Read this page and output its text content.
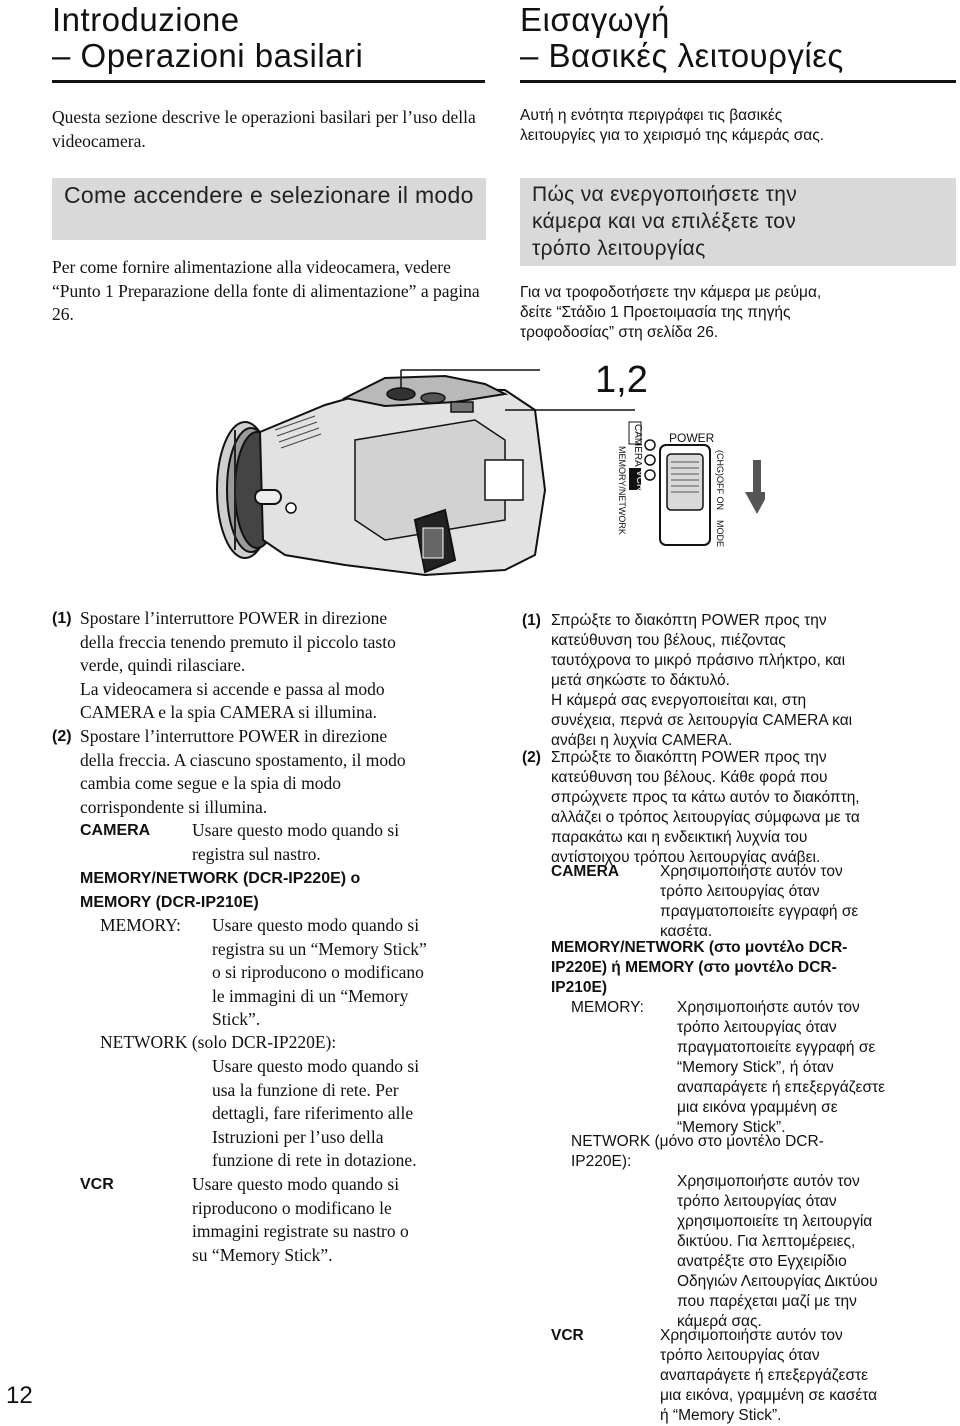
Introduzione

– Operazioni basilari

Questa sezione descrive le operazioni basilari per l’uso della videocamera.

Come accendere e selezionare il modo

Per come fornire alimentazione alla videocamera, vedere “Punto 1 Preparazione della fonte di alimentazione” a pagina 26.

(1) Spostare l’interruttore POWER in direzione
della freccia tenendo premuto il piccolo tasto
verde, quindi rilasciare.
La videocamera si accende e passa al modo
CAMERA e la spia CAMERA si illumina.
(2) Spostare l’interruttore POWER in direzione
della freccia. A ciascuno spostamento, il modo
cambia come segue e la spia di modo
corrispondente si illumina.
CAMERA Usare questo modo quando si
registra sul nastro.
MEMORY/NETWORK (DCR-IP220E) o
MEMORY (DCR-IP210E)
MEMORY: Usare questo modo quando si
registra su un “Memory Stick”
o si riproducono o modificano
le immagini di un “Memory
Stick”.
NETWORK (solo DCR-IP220E):
Usare questo modo quando si
usa la funzione di rete. Per
dettagli, fare riferimento alle
Istruzioni per l’uso della
funzione di rete in dotazione.
VCR	Usare questo modo quando si
riproducono o modificano le
immagini registrate su nastro o
su “Memory Stick”.

Εισαγωγή

– Βασικές λειτουργίες

Αυτή η ενότητα περιγράφει τις βασικές
λειτουργίες για το χειρισμό της κάμεράς σας.
Πώς να ενεργοποιήσετε την
κάμερα και να επιλέξετε τον
τρόπο λειτουργίας
Για να τροφοδοτήσετε την κάμερα με ρεύμα,
δείτε “Στάδιο 1 Προετοιμασία της πηγής
τροφοδοσίας” στη σελίδα 26.
(1) Σπρώξτε το διακόπτη POWER προς την
κατεύθυνση του βέλους, πιέζοντας
ταυτόχρονα το μικρό πράσινο πλήκτρο, και
μετά σηκώστε το δάκτυλό.
Η κάμερά σας ενεργοποιείται και, στη
συνέχεια, περνά σε λειτουργία CAMERA και
ανάβει η λυχνία CAMERA.
(2) Σπρώξτε το διακόπτη POWER προς την
κατεύθυνση του βέλους. Κάθε φορά που
σπρώχνετε προς τα κάτω αυτόν το διακόπτη,
αλλάζει ο τρόπος λειτουργίας σύμφωνα με τα
παρακάτω και η ενδεικτική λυχνία του
αντίστοιχου τρόπου λειτουργίας ανάβει.
CAMERA	Χρησιμοποιήστε αυτόν τον
τρόπο λειτουργίας όταν
πραγματοποιείτε εγγραφή σε
κασέτα.
MEMORY/NETWORK (στο μοντέλο DCR-
IP220E) ή MEMORY (στο μοντέλο DCR-
IP210E)
MEMORY: Χρησιμοποιήστε αυτόν τον
τρόπο λειτουργίας όταν
πραγματοποιείτε εγγραφή σε
“Memory Stick”, ή όταν
αναπαράγετε ή επεξεργάζεστε
μια εικόνα γραμμένη σε
“Memory Stick”.
NETWORK (μόνο στο μοντέλο DCR-
IP220E):
Χρησιμοποιήστε αυτόν τον
τρόπο λειτουργίας όταν
χρησιμοποιείτε τη λειτουργία
δικτύου. Για λεπτομέρειες,
ανατρέξτε στο Εγχειρίδιο
Οδηγιών Λειτουργίας Δικτύου
που παρέχεται μαζί με την
κάμερά σας.
VCR	Χρησιμοποιήστε αυτόν τον
τρόπο λειτουργίας όταν
αναπαράγετε ή επεξεργάζεστε
μια εικόνα, γραμμένη σε κασέτα
ή “Memory Stick”.
1,2
POWER
CAMERA
MEMORY/NETWORK VCR	(CHG)OFF ON
MODE
12
